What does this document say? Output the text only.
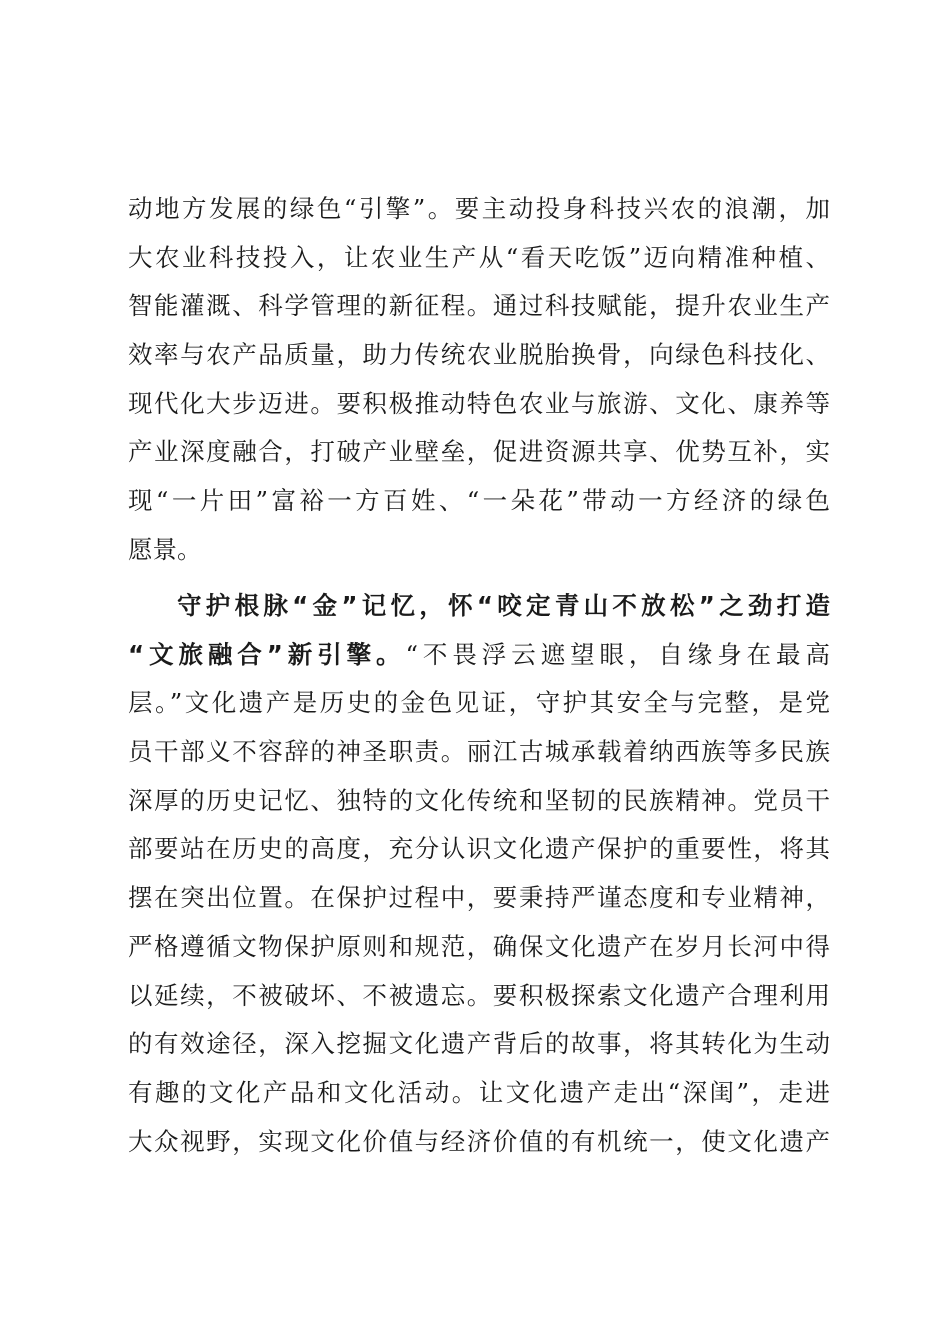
动地方发展的绿色“引擎”。要主动投身科技兴农的浪潮，加
大农业科技投入，让农业生产从“看天吃饭”迈向精准种植、
智能灌溉、科学管理的新征程。通过科技赋能，提升农业生产
效率与农产品质量，助力传统农业脱胎换骨，向绿色科技化、
现代化大步迈进。要积极推动特色农业与旅游、文化、康养等
产业深度融合，打破产业壁垒，促进资源共享、优势互补，实
现“一片田”富裕一方百姓、“一朵花”带动一方经济的绿色
愿景。
守护根脉“金”记忆，怀“咬定青山不放松”之劲打造
“文旅融合”新引擎。“不畏浮云遮望眼，自缘身在最高
层。”文化遗产是历史的金色见证，守护其安全与完整，是党
员干部义不容辞的神圣职责。丽江古城承载着纳西族等多民族
深厚的历史记忆、独特的文化传统和坚韧的民族精神。党员干
部要站在历史的高度，充分认识文化遗产保护的重要性，将其
摆在突出位置。在保护过程中，要秉持严谨态度和专业精神，
严格遵循文物保护原则和规范，确保文化遗产在岁月长河中得
以延续，不被破坏、不被遗忘。要积极探索文化遗产合理利用
的有效途径，深入挖掘文化遗产背后的故事，将其转化为生动
有趣的文化产品和文化活动。让文化遗产走出“深闺”，走进
大众视野，实现文化价值与经济价值的有机统一，使文化遗产
